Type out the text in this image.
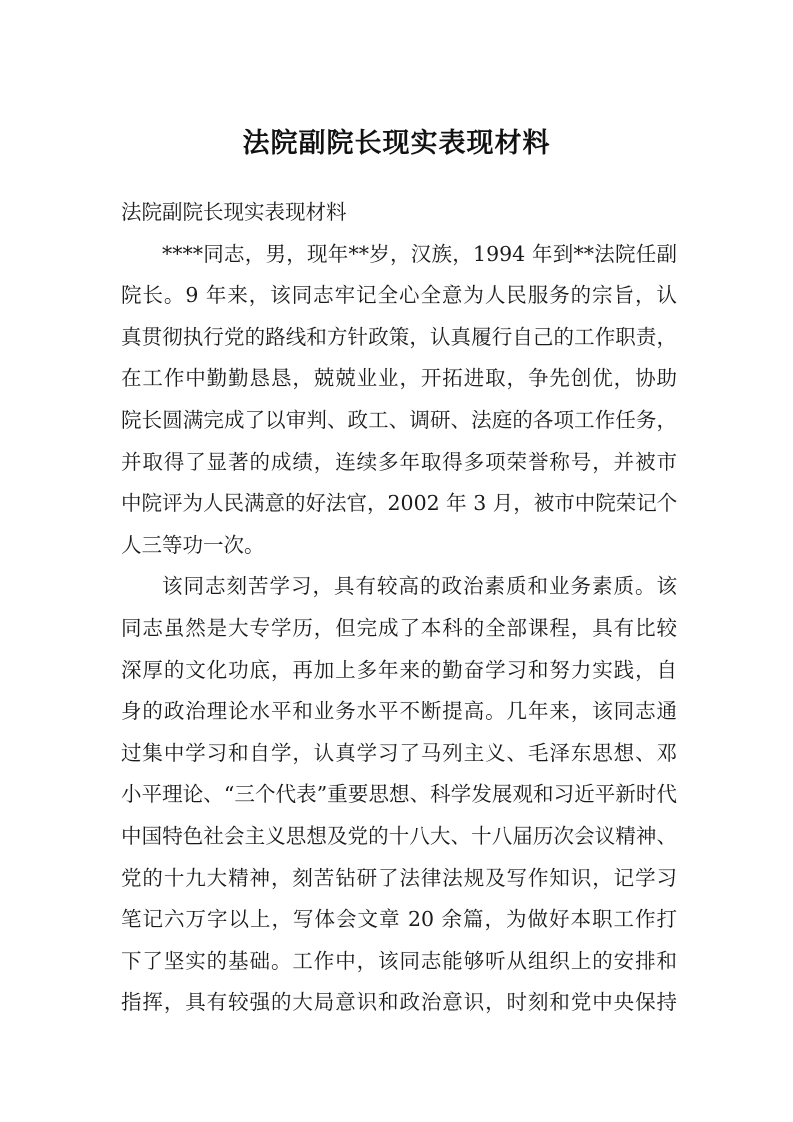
法院副院长现实表现材料
法院副院长现实表现材料
****同志，男，现年**岁，汉族，1994 年到**法院任副
院长。9 年来，该同志牢记全心全意为人民服务的宗旨，认
真贯彻执行党的路线和方针政策，认真履行自己的工作职责，
在工作中勤勤恳恳，兢兢业业，开拓进取，争先创优，协助
院长圆满完成了以审判、政工、调研、法庭的各项工作任务，
并取得了显著的成绩，连续多年取得多项荣誉称号，并被市
中院评为人民满意的好法官，2002 年 3 月，被市中院荣记个
人三等功一次。
该同志刻苦学习，具有较高的政治素质和业务素质。该
同志虽然是大专学历，但完成了本科的全部课程，具有比较
深厚的文化功底，再加上多年来的勤奋学习和努力实践，自
身的政治理论水平和业务水平不断提高。几年来，该同志通
过集中学习和自学，认真学习了马列主义、毛泽东思想、邓
小平理论、“三个代表”重要思想、科学发展观和习近平新时代
中国特色社会主义思想及党的十八大、十八届历次会议精神、
党的十九大精神，刻苦钻研了法律法规及写作知识，记学习
笔记六万字以上，写体会文章 20 余篇，为做好本职工作打
下了坚实的基础。工作中，该同志能够听从组织上的安排和
指挥，具有较强的大局意识和政治意识，时刻和党中央保持
